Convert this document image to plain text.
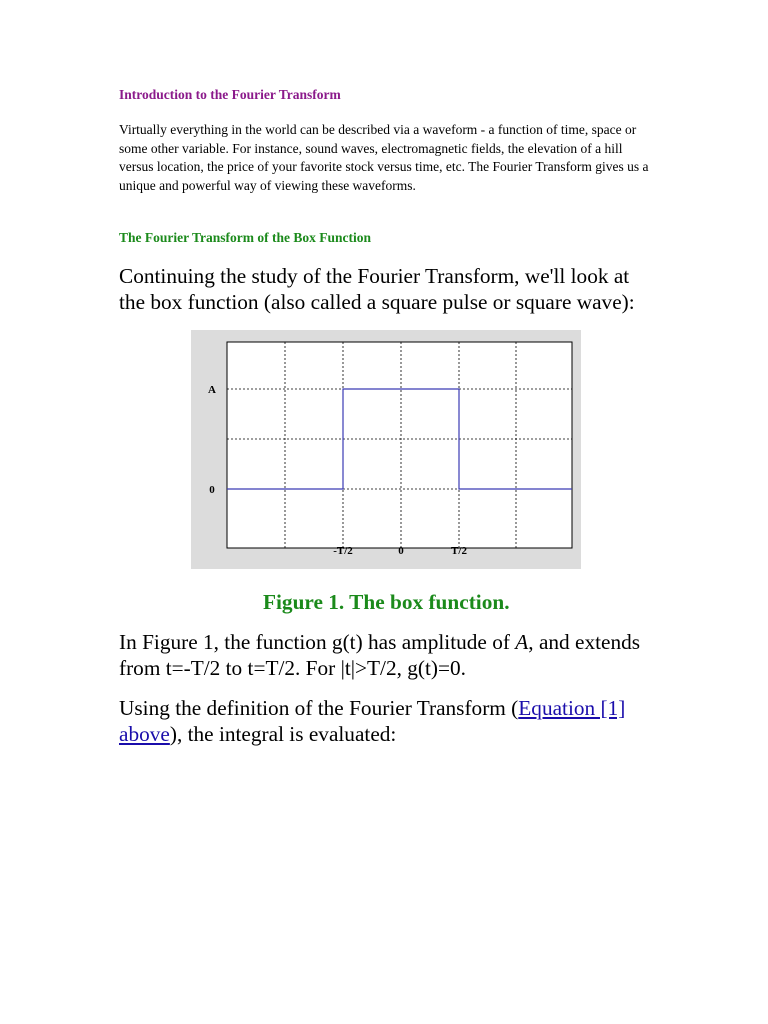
Introduction to the Fourier Transform
Virtually everything in the world can be described via a waveform - a function of time, space or some other variable. For instance, sound waves, electromagnetic fields, the elevation of a hill versus location, the price of your favorite stock versus time, etc. The Fourier Transform gives us a unique and powerful way of viewing these waveforms.
The Fourier Transform of the Box Function
Continuing the study of the Fourier Transform, we'll look at the box function (also called a square pulse or square wave):
-T/2	0	T/2
A
0
Figure 1. The box function.
In Figure 1, the function g(t) has amplitude of A, and extends from t=-T/2 to t=T/2. For |t|>T/2, g(t)=0.
Using the definition of the Fourier Transform (Equation [1] above), the integral is evaluated:
